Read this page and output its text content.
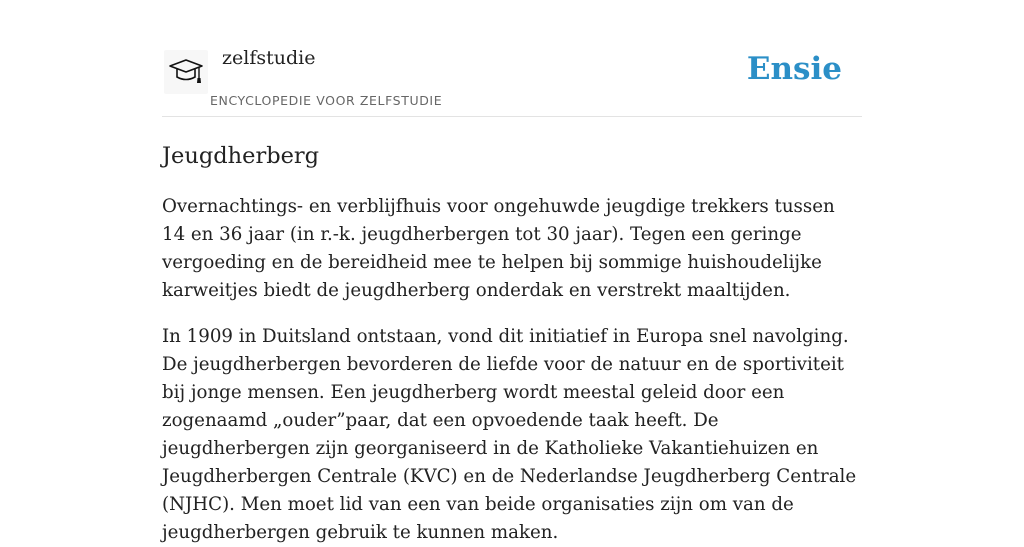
zelfstudie
ENCYCLOPEDIE VOOR ZELFSTUDIE
Ensie
Jeugdherberg

Overnachtings- en verblijfhuis voor ongehuwde jeugdige trekkers tussen 14 en 36 jaar (in r.-k. jeugdherbergen tot 30 jaar). Tegen een geringe vergoeding en de bereidheid mee te helpen bij sommige huishoudelijke karweitjes biedt de jeugdherberg onderdak en verstrekt maaltijden.

In 1909 in Duitsland ontstaan, vond dit initiatief in Europa snel navolging. De jeugdherbergen bevorderen de liefde voor de natuur en de sportiviteit bij jonge mensen. Een jeugdherberg wordt meestal geleid door een zogenaamd „ouder”paar, dat een opvoedende taak heeft. De jeugdherbergen zijn georganiseerd in de Katholieke Vakantiehuizen en Jeugdherbergen Centrale (KVC) en de Nederlandse Jeugdherberg Centrale (NJHC). Men moet lid van een van beide organisaties zijn om van de jeugdherbergen gebruik te kunnen maken.
